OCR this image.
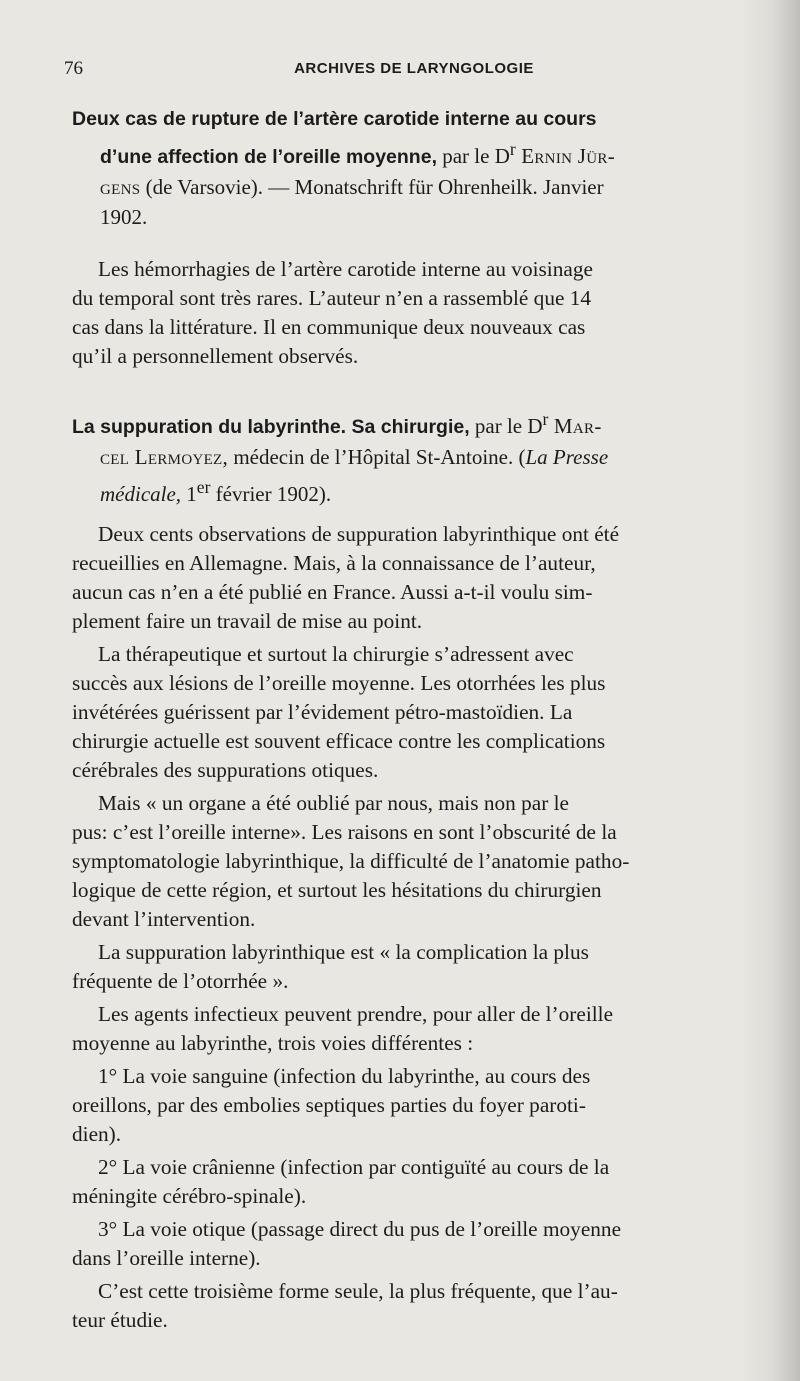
76	ARCHIVES DE LARYNGOLOGIE
Deux cas de rupture de l’artère carotide interne au cours
d’une affection de l’oreille moyenne, par le $D^r$ Ernin Jür-
gens (de Varsovie). — Monatschrift für Ohrenheilk. Janvier
1902.

Les hémorrhagies de l’artère carotide interne au voisinage
du temporal sont très rares. L’auteur n’en a rassemblé que 14
cas dans la littérature. Il en communique deux nouveaux cas
qu’il a personnellement observés.

La suppuration du labyrinthe. Sa chirurgie, par le $D^r$ Mar-
cel Lermoyez, médecin de l’Hôpital St-Antoine. (La Presse
médicale, 1er février 1902).

Deux cents observations de suppuration labyrinthique ont été
recueillies en Allemagne. Mais, à la connaissance de l’auteur,
aucun cas n’en a été publié en France. Aussi a-t-il voulu sim-
plement faire un travail de mise au point.

La thérapeutique et surtout la chirurgie s’adressent avec
succès aux lésions de l’oreille moyenne. Les otorrhées les plus
invétérées guérissent par l’évidement pétro-mastoïdien. La
chirurgie actuelle est souvent efficace contre les complications
cérébrales des suppurations otiques.

Mais « un organe a été oublié par nous, mais non par le
pus: c’est l’oreille interne». Les raisons en sont l’obscurité de la
symptomatologie labyrinthique, la difficulté de l’anatomie patho-
logique de cette région, et surtout les hésitations du chirurgien
devant l’intervention.

La suppuration labyrinthique est « la complication la plus
fréquente de l’otorrhée ».

Les agents infectieux peuvent prendre, pour aller de l’oreille
moyenne au labyrinthe, trois voies différentes :

1° La voie sanguine (infection du labyrinthe, au cours des
oreillons, par des embolies septiques parties du foyer paroti-
dien).

2° La voie crânienne (infection par contiguïté au cours de la
méningite cérébro-spinale).

3° La voie otique (passage direct du pus de l’oreille moyenne
dans l’oreille interne).

C’est cette troisième forme seule, la plus fréquente, que l’au-
teur étudie.
